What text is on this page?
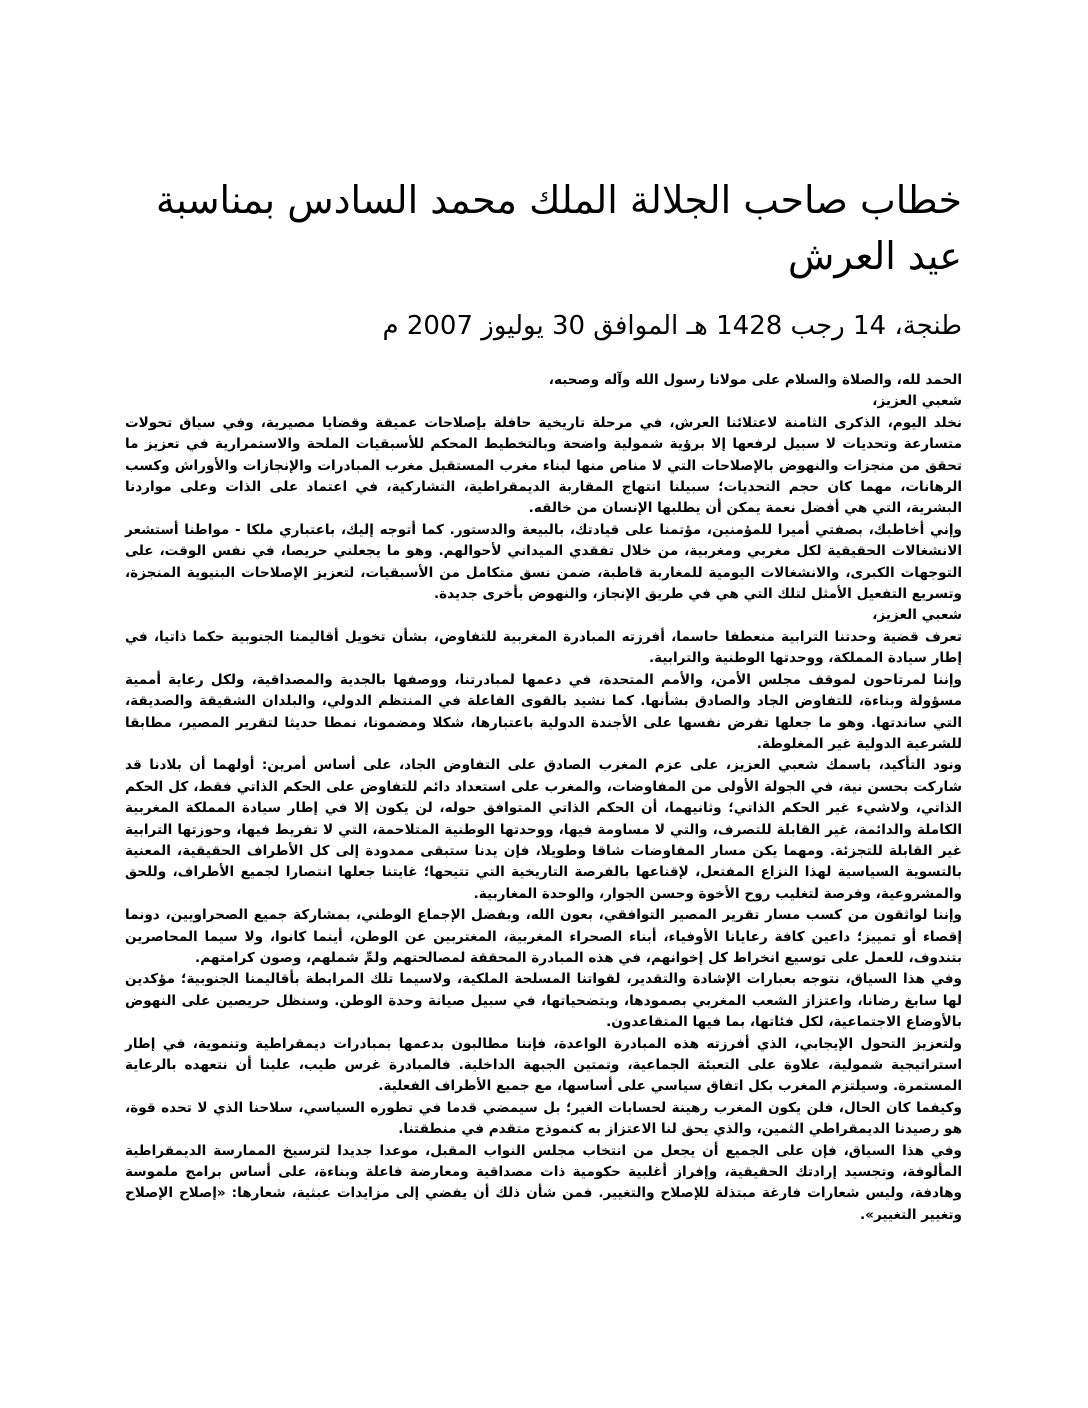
خطاب صاحب الجلالة الملك محمد السادس بمناسبة عيد العرش
طنجة، 14 رجب 1428 هـ الموافق 30 يوليوز 2007 م

الحمد لله، والصلاة والسلام على مولانا رسول الله وآله وصحبه،

شعبي العزيز،

نخلد اليوم، الذكرى الثامنة لاعتلائنا العرش، في مرحلة تاريخية حافلة بإصلاحات عميقة وقضايا مصيرية، وفي سياق تحولات متسارعة وتحديات لا سبيل لرفعها إلا برؤية شمولية واضحة وبالتخطيط المحكم للأسبقيات الملحة والاستمرارية في تعزيز ما تحقق من منجزات والنهوض بالإصلاحات التي لا مناص منها لبناء مغرب المستقبل مغرب المبادرات والإنجازات والأوراش وكسب الرهانات، مهما كان حجم التحديات؛ سبيلنا انتهاج المقاربة الديمقراطية، التشاركية، في اعتماد على الذات وعلى مواردنا البشرية، التي هي أفضل نعمة يمكن أن يطلبها الإنسان من خالقه.

وإني أخاطبك، بصفتي أميرا للمؤمنين، مؤتمنا على قيادتك، بالبيعة والدستور. كما أتوجه إليك، باعتباري ملكا - مواطنا أستشعر الانشغالات الحقيقية لكل مغربي ومغربية، من خلال تفقدي الميداني لأحوالهم. وهو ما يجعلني حريصا، في نفس الوقت، على التوجهات الكبرى، والانشغالات اليومية للمغاربة قاطبة، ضمن نسق متكامل من الأسبقيات، لتعزيز الإصلاحات البنيوية المنجزة، وتسريع التفعيل الأمثل لتلك التي هي في طريق الإنجاز، والنهوض بأخرى جديدة.

شعبي العزيز،

تعرف قضية وحدتنا الترابية منعطفا حاسما، أفرزته المبادرة المغربية للتفاوض، بشأن تخويل أقاليمنا الجنوبية حكما ذاتيا، في إطار سيادة المملكة، ووحدتها الوطنية والترابية.

وإننا لمرتاحون لموقف مجلس الأمن، والأمم المتحدة، في دعمها لمبادرتنا، ووصفها بالجدية والمصداقية، ولكل رعاية أممية مسؤولة وبناءة، للتفاوض الجاد والصادق بشأنها. كما نشيد بالقوى الفاعلة في المنتظم الدولي، والبلدان الشقيقة والصديقة، التي ساندتها. وهو ما جعلها تفرض نفسها على الأجندة الدولية باعتبارها، شكلا ومضمونا، نمطا حديثا لتقرير المصير، مطابقا للشرعية الدولية غير المغلوطة.

ونود التأكيد، باسمك شعبي العزيز، على عزم المغرب الصادق على التفاوض الجاد، على أساس أمرين: أولهما أن بلادنا قد شاركت بحسن نية، في الجولة الأولى من المفاوضات، والمغرب على استعداد دائم للتفاوض على الحكم الذاتي فقط، كل الحكم الذاتي، ولاشيء غير الحكم الذاتي؛ وثانيهما، أن الحكم الذاتي المتوافق حوله، لن يكون إلا في إطار سيادة المملكة المغربية الكاملة والدائمة، غير القابلة للتصرف، والتي لا مساومة فيها، ووحدتها الوطنية المتلاحمة، التي لا تفريط فيها، وحوزتها الترابية غير القابلة للتجزئة. ومهما يكن مسار المفاوضات شاقا وطويلا، فإن يدنا ستبقى ممدودة إلى كل الأطراف الحقيقية، المعنية بالتسوية السياسية لهذا النزاع المفتعل، لإقناعها بالفرصة التاريخية التي تتيحها؛ غايتنا جعلها انتصارا لجميع الأطراف، وللحق والمشروعية، وفرصة لتغليب روح الأخوة وحسن الجوار، والوحدة المغاربية.

وإننا لواثقون من كسب مسار تقرير المصير التوافقي، بعون الله، وبفضل الإجماع الوطني، بمشاركة جميع الصحراويين، دونما إقصاء أو تمييز؛ داعين كافة رعايانا الأوفياء، أبناء الصحراء المغربية، المغتربين عن الوطن، أينما كانوا، ولا سيما المحاصرين بتندوف، للعمل على توسيع انخراط كل إخوانهم، في هذه المبادرة المحققة لمصالحتهم ولمِّ شملهم، وصون كرامتهم.

وفي هذا السياق، نتوجه بعبارات الإشادة والتقدير، لقواتنا المسلحة الملكية، ولاسيما تلك المرابطة بأقاليمنا الجنوبية؛ مؤكدين لها سابغ رضانا، واعتزاز الشعب المغربي بصمودها، وبتضحياتها، في سبيل صيانة وحدة الوطن. وسنظل حريصين على النهوض بالأوضاع الاجتماعية، لكل فئاتها، بما فيها المتقاعدون.

ولتعزيز التحول الإيجابي، الذي أفرزته هذه المبادرة الواعدة، فإننا مطالبون بدعمها بمبادرات ديمقراطية وتنموية، في إطار استراتيجية شمولية، علاوة على التعبئة الجماعية، وتمتين الجبهة الداخلية. فالمبادرة غرس طيب، علينا أن نتعهده بالرعاية المستمرة. وسيلتزم المغرب بكل اتفاق سياسي على أساسها، مع جميع الأطراف الفعلية.

وكيفما كان الحال، فلن يكون المغرب رهينة لحسابات الغير؛ بل سيمضي قدما في تطوره السياسي، سلاحنا الذي لا تحده قوة، هو رصيدنا الديمقراطي الثمين، والذي يحق لنا الاعتزاز به كنموذج متقدم في منطقتنا.

وفي هذا السياق، فإن على الجميع أن يجعل من انتخاب مجلس النواب المقبل، موعدا جديدا لترسيخ الممارسة الديمقراطية المألوفة، وتجسيد إرادتك الحقيقية، وإفراز أغلبية حكومية ذات مصداقية ومعارضة فاعلة وبناءة، على أساس برامج ملموسة وهادفة، وليس شعارات فارغة مبتذلة للإصلاح والتغيير. فمن شأن ذلك أن يفضي إلى مزايدات عبثية، شعارها: «إصلاح الإصلاح وتغيير التغيير».
